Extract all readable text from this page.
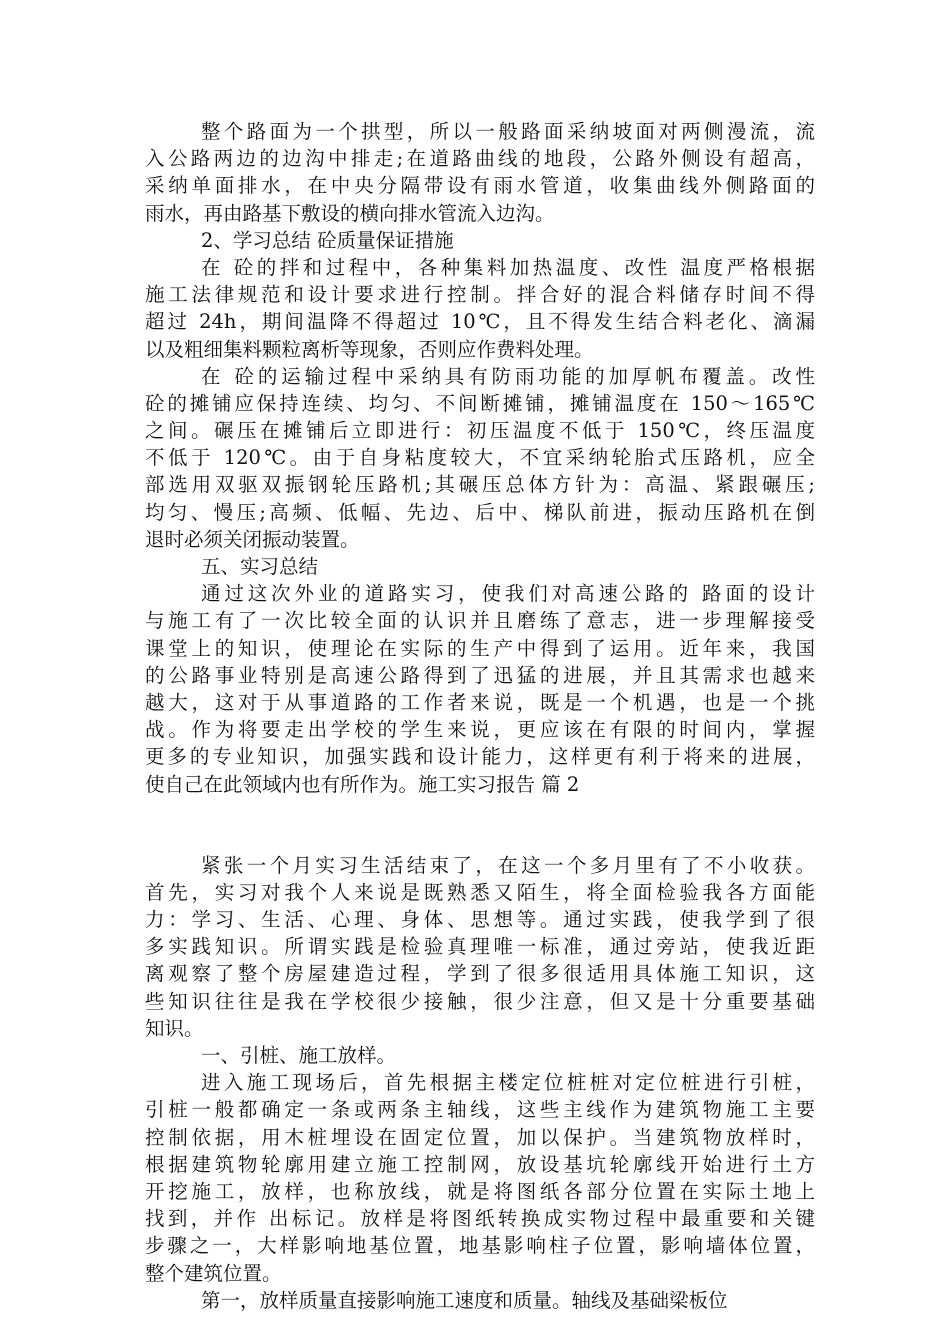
整个路面为一个拱型，所以一般路面采纳坡面对两侧漫流，流
入公路两边的边沟中排走;在道路曲线的地段，公路外侧设有超高，
采纳单面排水，在中央分隔带设有雨水管道，收集曲线外侧路面的
雨水，再由路基下敷设的横向排水管流入边沟。
2、学习总结 砼质量保证措施
在 砼的拌和过程中，各种集料加热温度、改性 温度严格根据
施工法律规范和设计要求进行控制。拌合好的混合料储存时间不得
超过 24h，期间温降不得超过 10℃，且不得发生结合料老化、滴漏
以及粗细集料颗粒离析等现象，否则应作费料处理。
在 砼的运输过程中采纳具有防雨功能的加厚帆布覆盖。改性
砼的摊铺应保持连续、均匀、不间断摊铺，摊铺温度在 150～165℃
之间。碾压在摊铺后立即进行：初压温度不低于 150℃，终压温度
不低于 120℃。由于自身粘度较大，不宜采纳轮胎式压路机，应全
部选用双驱双振钢轮压路机;其碾压总体方针为：高温、紧跟碾压;
均匀、慢压;高频、低幅、先边、后中、梯队前进，振动压路机在倒
退时必须关闭振动装置。
五、实习总结
通过这次外业的道路实习，使我们对高速公路的 路面的设计
与施工有了一次比较全面的认识并且磨练了意志，进一步理解接受
课堂上的知识，使理论在实际的生产中得到了运用。近年来，我国
的公路事业特别是高速公路得到了迅猛的进展，并且其需求也越来
越大，这对于从事道路的工作者来说，既是一个机遇，也是一个挑
战。作为将要走出学校的学生来说，更应该在有限的时间内，掌握
更多的专业知识，加强实践和设计能力，这样更有利于将来的进展，
使自己在此领域内也有所作为。施工实习报告 篇 2
紧张一个月实习生活结束了，在这一个多月里有了不小收获。
首先，实习对我个人来说是既熟悉又陌生，将全面检验我各方面能
力：学习、生活、心理、身体、思想等。通过实践，使我学到了很
多实践知识。所谓实践是检验真理唯一标准，通过旁站，使我近距
离观察了整个房屋建造过程，学到了很多很适用具体施工知识，这
些知识往往是我在学校很少接触，很少注意，但又是十分重要基础
知识。
一、引桩、施工放样。
进入施工现场后，首先根据主楼定位桩桩对定位桩进行引桩，
引桩一般都确定一条或两条主轴线，这些主线作为建筑物施工主要
控制依据，用木桩埋设在固定位置，加以保护。当建筑物放样时，
根据建筑物轮廓用建立施工控制网，放设基坑轮廓线开始进行土方
开挖施工，放样，也称放线，就是将图纸各部分位置在实际土地上
找到，并作 出标记。放样是将图纸转换成实物过程中最重要和关键
步骤之一，大样影响地基位置，地基影响柱子位置，影响墙体位置，
整个建筑位置。
第一，放样质量直接影响施工速度和质量。轴线及基础梁板位
